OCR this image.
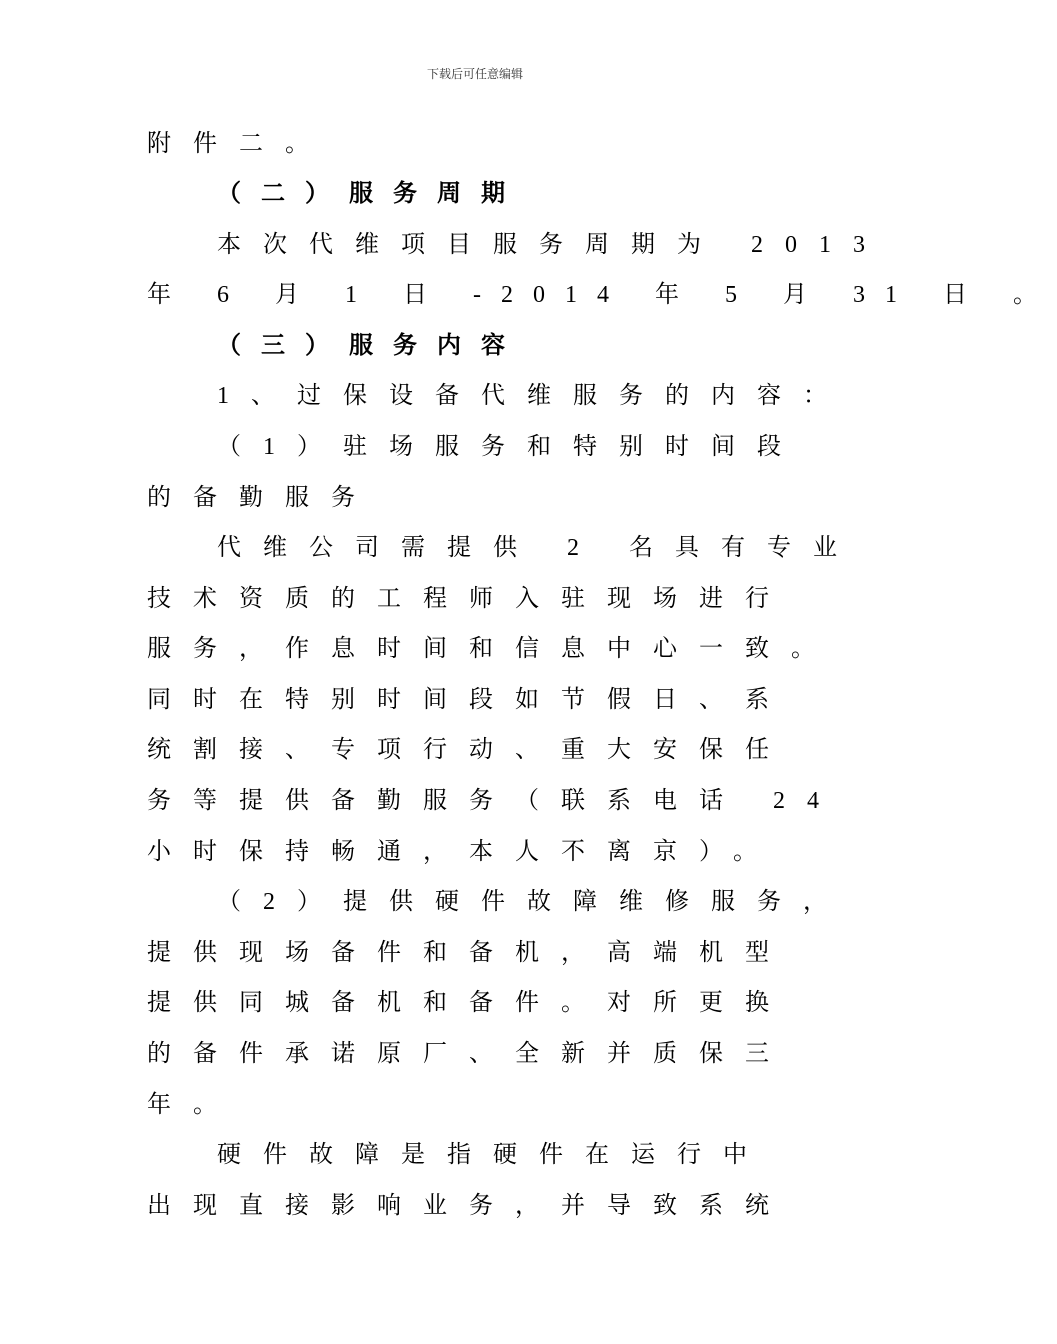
下载后可任意编辑
附件二。
（二）服务周期
本次代维项目服务周期为 2013
年 6 月 1 日 -2014 年 5 月 31 日 。
（三）服务内容
1、过保设备代维服务的内容：
（1）驻场服务和特别时间段
的备勤服务
代维公司需提供 2 名具有专业
技术资质的工程师入驻现场进行
服务，作息时间和信息中心一致。
同时在特别时间段如节假日、系
统割接、专项行动、重大安保任
务等提供备勤服务（联系电话 24
小时保持畅通，本人不离京）。
（2）提供硬件故障维修服务，
提供现场备件和备机，高端机型
提供同城备机和备件。对所更换
的备件承诺原厂、全新并质保三
年。
硬件故障是指硬件在运行中
出现直接影响业务，并导致系统
